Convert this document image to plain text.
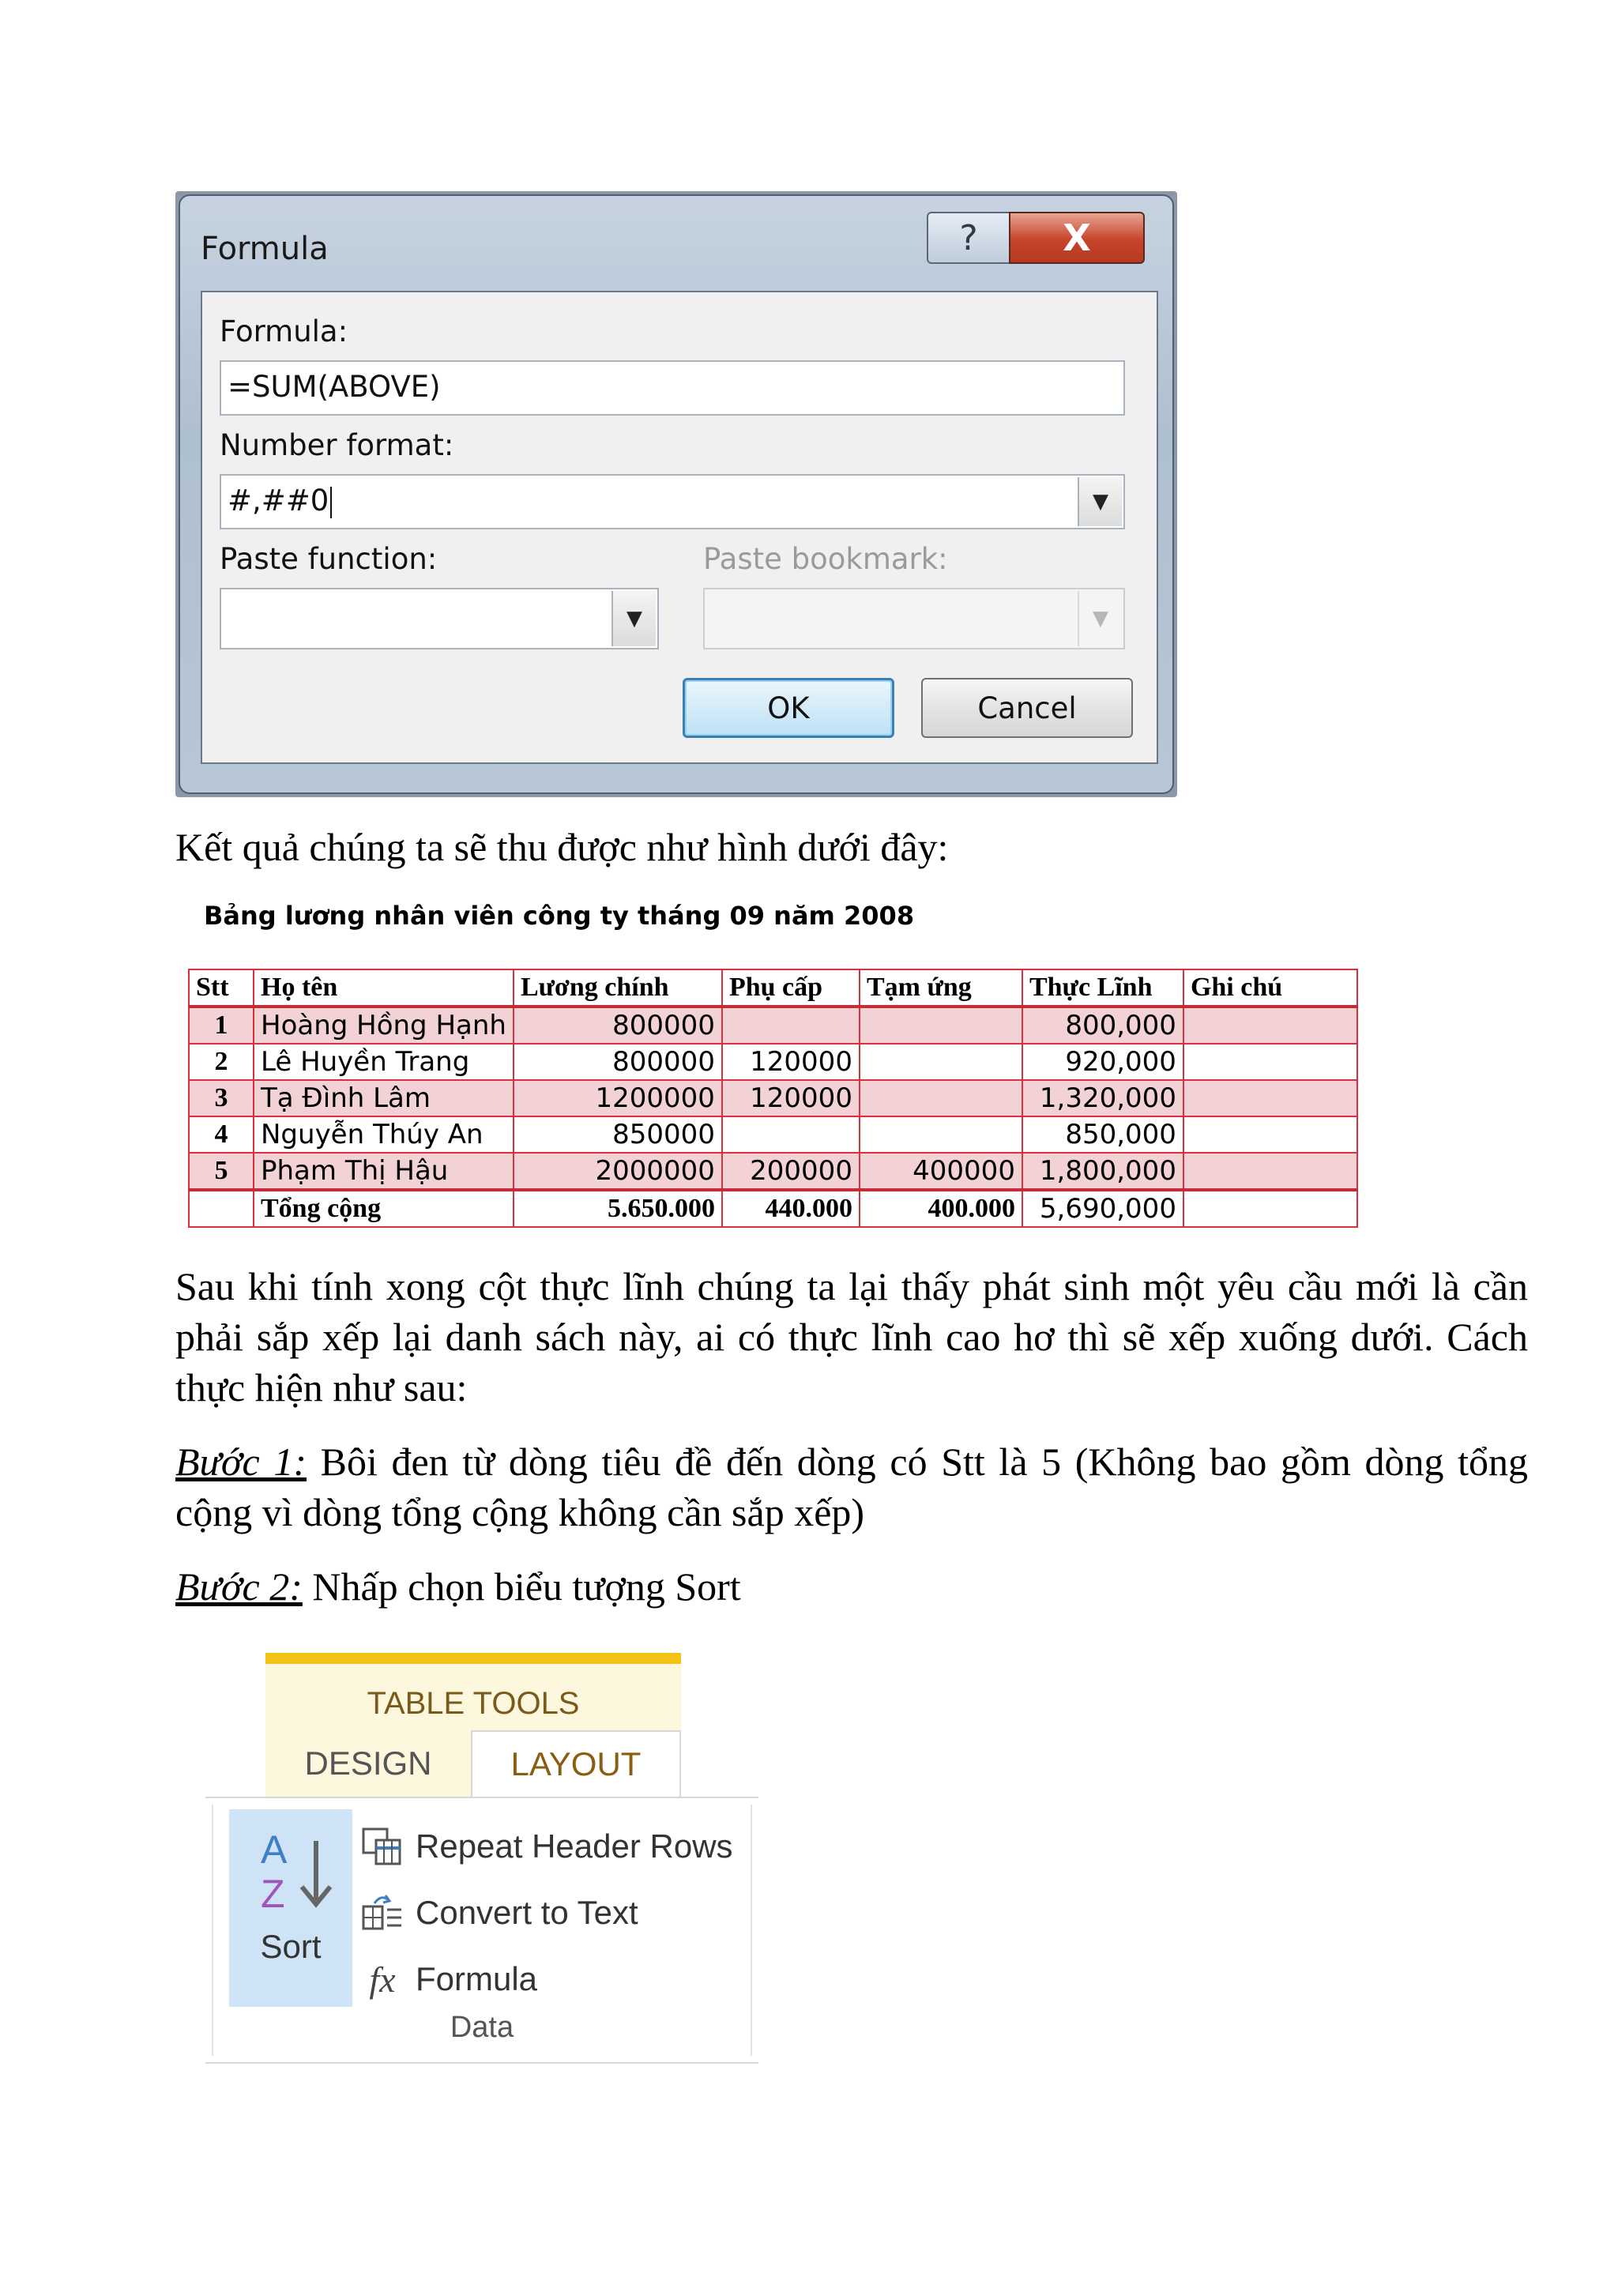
Formula	?	X
Formula:
=SUM(ABOVE)
Number format:
#,##0	▼
Paste function:
▼
Paste bookmark:
▼
OK	Cancel
Kết quả chúng ta sẽ thu được như hình dưới đây:
Bảng lương nhân viên công ty tháng 09 năm 2008
Stt	Họ tên	Lương chính	Phụ cấp	Tạm ứng	Thực Lĩnh	Ghi chú
1	Hoàng Hồng Hạnh	800000			800,000	
2	Lê Huyền Trang	800000	120000		920,000	
3	Tạ Đình Lâm	1200000	120000		1,320,000	
4	Nguyễn Thúy An	850000			850,000	
5	Phạm Thị Hậu	2000000	200000	400000	1,800,000	
	Tổng cộng	5.650.000	440.000	400.000	5,690,000	
Sau khi tính xong cột thực lĩnh chúng ta lại thấy phát sinh một yêu cầu mới là cần phải sắp xếp lại danh sách này, ai có thực lĩnh cao hơ thì sẽ xếp xuống dưới. Cách thực hiện như sau:
Bước 1: Bôi đen từ dòng tiêu đề đến dòng có Stt là 5 (Không bao gồm dòng tổng cộng vì dòng tổng cộng không cần sắp xếp)
Bước 2: Nhấp chọn biểu tượng Sort
TABLE TOOLS
DESIGN	LAYOUT
A
Z
Sort
Repeat Header Rows
Convert to Text
fx Formula
Data
